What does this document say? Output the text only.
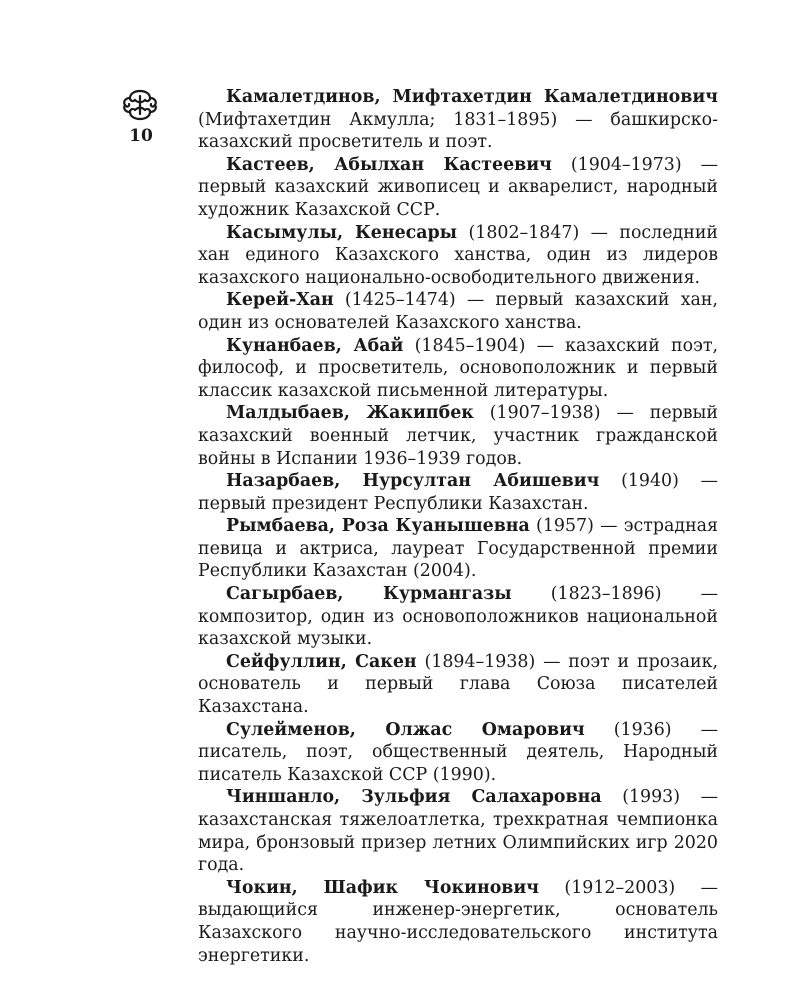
10

Камалетдинов, Мифтахетдин Камалетдинович (Мифтахетдин Акмулла; 1831–1895) — башкирско-казахский просветитель и поэт.

Кастеев, Абылхан Кастеевич (1904–1973) — первый казахский живописец и акварелист, народный художник Казахской ССР.

Касымулы, Кенесары (1802–1847) — последний хан единого Казахского ханства, один из лидеров казахского национально-освободительного движения.

Керей-Хан (1425–1474) — первый казахский хан, один из основателей Казахского ханства.

Кунанбаев, Абай (1845–1904) — казахский поэт, философ, и просветитель, основоположник и первый классик казахской письменной литературы.

Малдыбаев, Жакипбек (1907–1938) — первый казахский военный летчик, участник гражданской войны в Испании 1936–1939 годов.

Назарбаев, Нурсултан Абишевич (1940) — первый президент Республики Казахстан.

Рымбаева, Роза Куанышевна (1957) — эстрадная певица и актриса, лауреат Государственной премии Республики Казахстан (2004).

Сагырбаев, Курмангазы (1823–1896) — композитор, один из основоположников национальной казахской музыки.

Сейфуллин, Сакен (1894–1938) — поэт и прозаик, основатель и первый глава Союза писателей Казахстана.

Сулейменов, Олжас Омарович (1936) — писатель, поэт, общественный деятель, Народный писатель Казахской ССР (1990).

Чиншанло, Зульфия Салахаровна (1993) — казахстанская тяжелоатлетка, трехкратная чемпионка мира, бронзовый призер летних Олимпийских игр 2020 года.

Чокин, Шафик Чокинович (1912–2003) — выдающийся инженер-энергетик, основатель Казахского научно-исследовательского института энергетики.
